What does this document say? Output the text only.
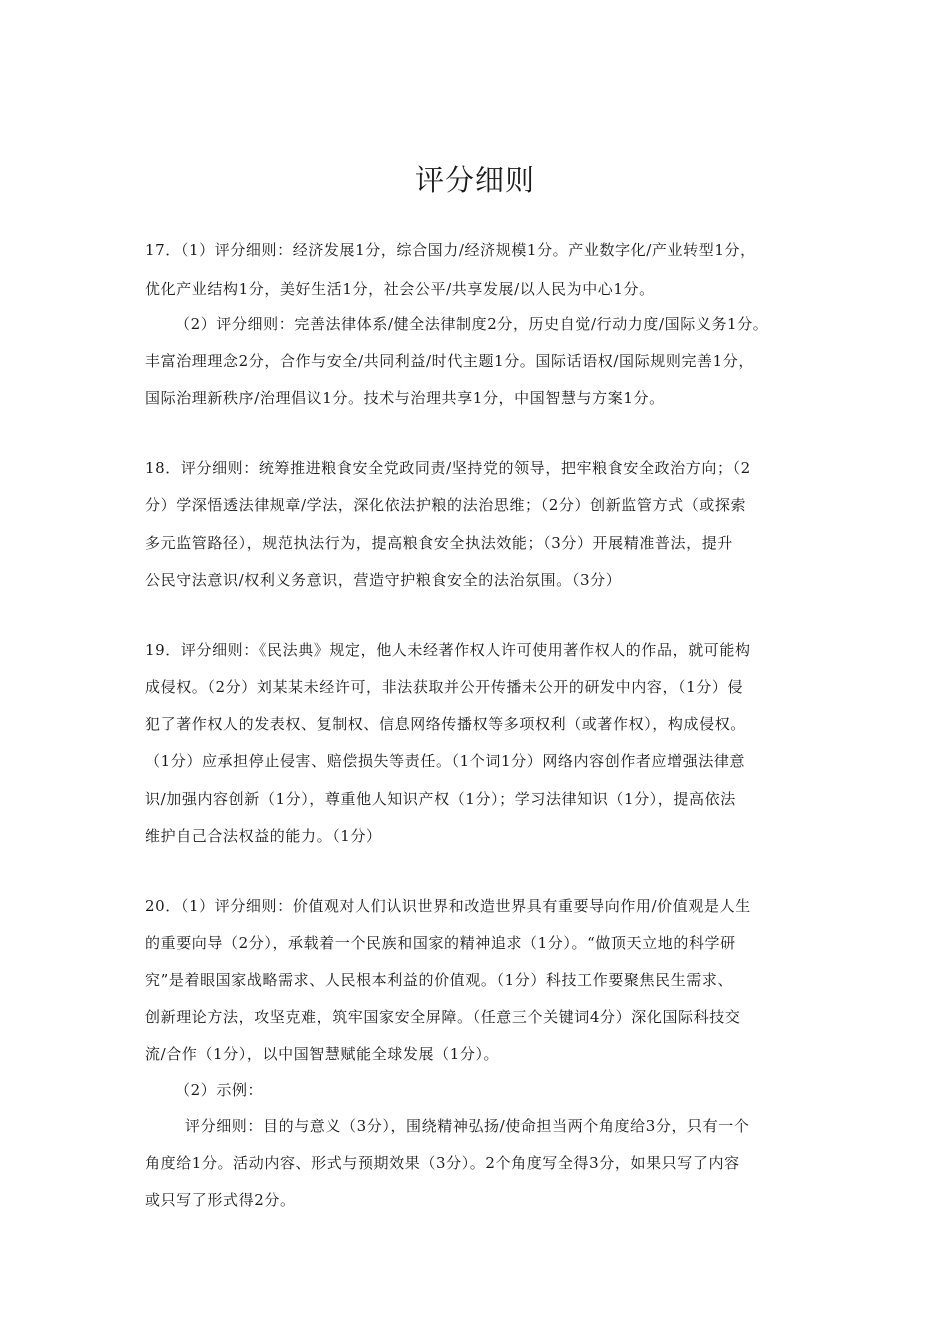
评分细则

17．（1）评分细则：经济发展1分，综合国力/经济规模1分。产业数字化/产业转型1分，

优化产业结构1分，美好生活1分，社会公平/共享发展/以人民为中心1分。

（2）评分细则：完善法律体系/健全法律制度2分，历史自觉/行动力度/国际义务1分。

丰富治理理念2分，合作与安全/共同利益/时代主题1分。国际话语权/国际规则完善1分，

国际治理新秩序/治理倡议1分。技术与治理共享1分，中国智慧与方案1分。

18．评分细则：统筹推进粮食安全党政同责/坚持党的领导，把牢粮食安全政治方向；（2

分）学深悟透法律规章/学法，深化依法护粮的法治思维；（2分）创新监管方式（或探索

多元监管路径），规范执法行为，提高粮食安全执法效能；（3分）开展精准普法，提升

公民守法意识/权利义务意识，营造守护粮食安全的法治氛围。（3分）

19．评分细则：《民法典》规定，他人未经著作权人许可使用著作权人的作品，就可能构

成侵权。（2分）刘某某未经许可，非法获取并公开传播未公开的研发中内容，（1分）侵

犯了著作权人的发表权、复制权、信息网络传播权等多项权利（或著作权），构成侵权。

（1分）应承担停止侵害、赔偿损失等责任。（1个词1分）网络内容创作者应增强法律意

识/加强内容创新（1分），尊重他人知识产权（1分）；学习法律知识（1分），提高依法

维护自己合法权益的能力。（1分）

20．（1）评分细则：价值观对人们认识世界和改造世界具有重要导向作用/价值观是人生

的重要向导（2分），承载着一个民族和国家的精神追求（1分）。“做顶天立地的科学研

究”是着眼国家战略需求、人民根本利益的价值观。（1分）科技工作要聚焦民生需求、

创新理论方法，攻坚克难，筑牢国家安全屏障。（任意三个关键词4分）深化国际科技交

流/合作（1分），以中国智慧赋能全球发展（1分）。

（2）示例：

评分细则：目的与意义（3分），围绕精神弘扬/使命担当两个角度给3分，只有一个

角度给1分。活动内容、形式与预期效果（3分）。2个角度写全得3分，如果只写了内容

或只写了形式得2分。
